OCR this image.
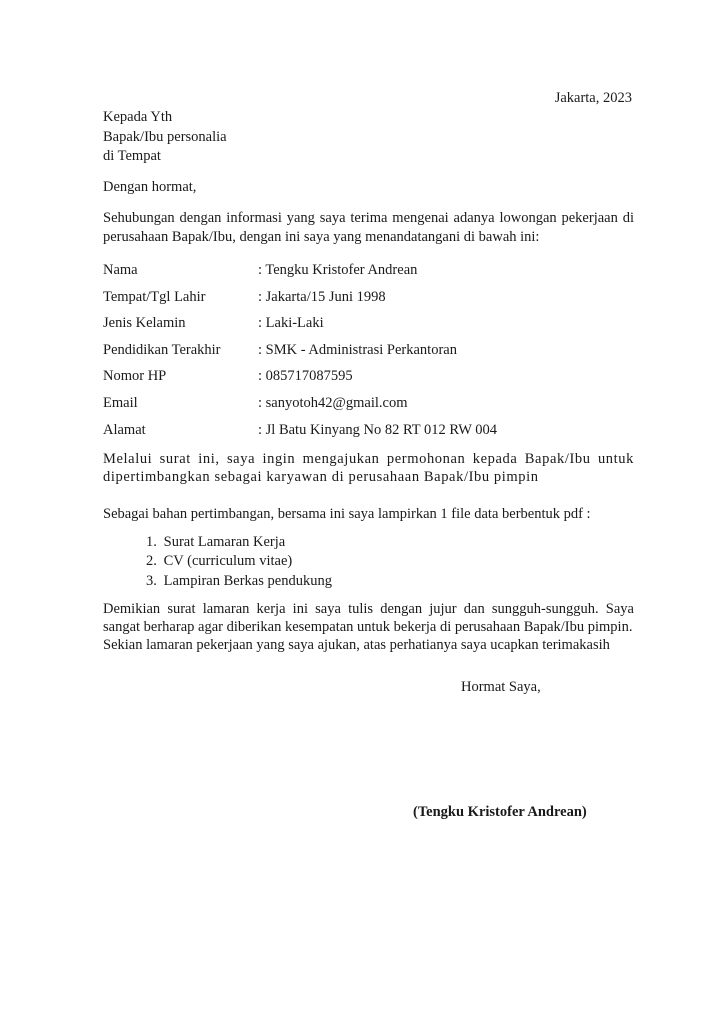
Jakarta, 2023
Kepada Yth
Bapak/Ibu personalia
di Tempat
Dengan hormat,
Sehubungan dengan informasi yang saya terima mengenai adanya lowongan pekerjaan di
perusahaan Bapak/Ibu, dengan ini saya yang menandatangani di bawah ini:
Nama	: Tengku Kristofer Andrean
Tempat/Tgl Lahir	: Jakarta/15 Juni 1998
Jenis Kelamin	: Laki-Laki
Pendidikan Terakhir	: SMK - Administrasi Perkantoran
Nomor HP	: 085717087595
Email	: sanyotoh42@gmail.com
Alamat	: Jl Batu Kinyang No 82 RT 012 RW 004
Melalui surat ini, saya ingin mengajukan permohonan kepada Bapak/Ibu untuk
dipertimbangkan sebagai karyawan di perusahaan Bapak/Ibu pimpin
Sebagai bahan pertimbangan, bersama ini saya lampirkan 1 file data berbentuk pdf :
1. Surat Lamaran Kerja
2. CV (curriculum vitae)
3. Lampiran Berkas pendukung
Demikian surat lamaran kerja ini saya tulis dengan jujur dan sungguh-sungguh. Saya
sangat berharap agar diberikan kesempatan untuk bekerja di perusahaan Bapak/Ibu pimpin.
Sekian lamaran pekerjaan yang saya ajukan, atas perhatianya saya ucapkan terimakasih
Hormat Saya,
(Tengku Kristofer Andrean)
